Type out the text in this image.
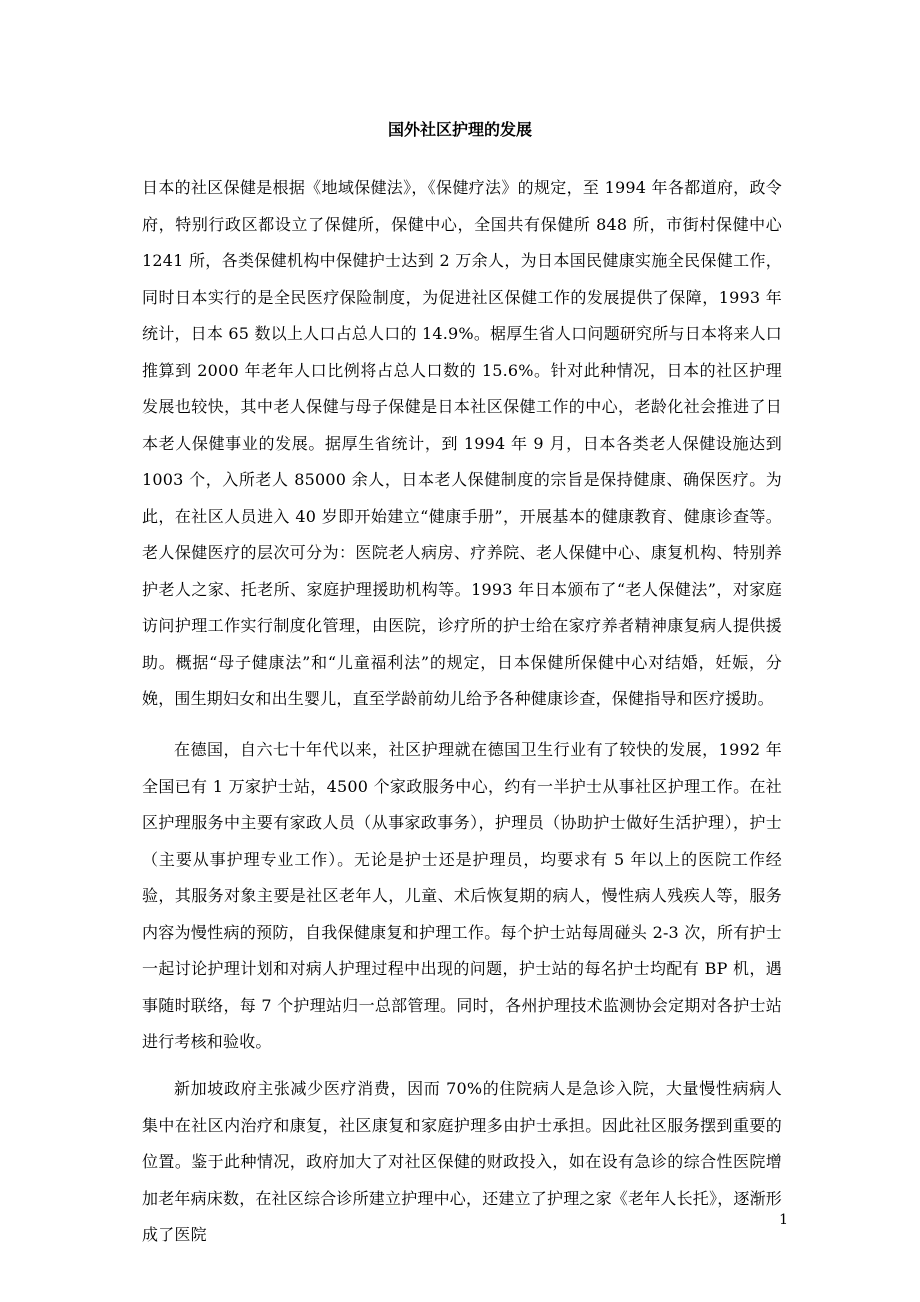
国外社区护理的发展

日本的社区保健是根据《地域保健法》，《保健疗法》的规定，至 1994 年各都道府，政令府，特别行政区都设立了保健所，保健中心，全国共有保健所 848 所，市街村保健中心 1241 所，各类保健机构中保健护士达到 2 万余人，为日本国民健康实施全民保健工作，同时日本实行的是全民医疗保险制度，为促进社区保健工作的发展提供了保障，1993 年统计，日本 65 数以上人口占总人口的 14.9%。椐厚生省人口问题研究所与日本将来人口推算到 2000 年老年人口比例将占总人口数的 15.6%。针对此种情况，日本的社区护理发展也较快，其中老人保健与母子保健是日本社区保健工作的中心，老龄化社会推进了日本老人保健事业的发展。据厚生省统计，到 1994 年 9 月，日本各类老人保健设施达到 1003 个，入所老人 85000 余人，日本老人保健制度的宗旨是保持健康、确保医疗。为此，在社区人员进入 40 岁即开始建立“健康手册”，开展基本的健康教育、健康诊查等。老人保健医疗的层次可分为：医院老人病房、疗养院、老人保健中心、康复机构、特别养护老人之家、托老所、家庭护理援助机构等。1993 年日本颁布了“老人保健法”，对家庭访问护理工作实行制度化管理，由医院，诊疗所的护士给在家疗养者精神康复病人提供援助。概据“母子健康法”和“儿童福利法”的规定，日本保健所保健中心对结婚，妊娠，分娩，围生期妇女和出生婴儿，直至学龄前幼儿给予各种健康诊查，保健指导和医疗援助。

在德国，自六七十年代以来，社区护理就在德国卫生行业有了较快的发展，1992 年全国已有 1 万家护士站，4500 个家政服务中心，约有一半护士从事社区护理工作。在社区护理服务中主要有家政人员（从事家政事务），护理员（协助护士做好生活护理），护士（主要从事护理专业工作）。无论是护士还是护理员，均要求有 5 年以上的医院工作经验，其服务对象主要是社区老年人，儿童、术后恢复期的病人，慢性病人残疾人等，服务内容为慢性病的预防，自我保健康复和护理工作。每个护士站每周碰头 2-3 次，所有护士一起讨论护理计划和对病人护理过程中出现的问题，护士站的每名护士均配有 BP 机，遇事随时联络，每 7 个护理站归一总部管理。同时，各州护理技术监测协会定期对各护士站进行考核和验收。

新加坡政府主张减少医疗消费，因而 70%的住院病人是急诊入院，大量慢性病病人集中在社区内治疗和康复，社区康复和家庭护理多由护士承担。因此社区服务摆到重要的位置。鉴于此种情况，政府加大了对社区保健的财政投入，如在设有急诊的综合性医院增加老年病床数，在社区综合诊所建立护理中心，还建立了护理之家《老年人长托》，逐渐形成了医院

1
